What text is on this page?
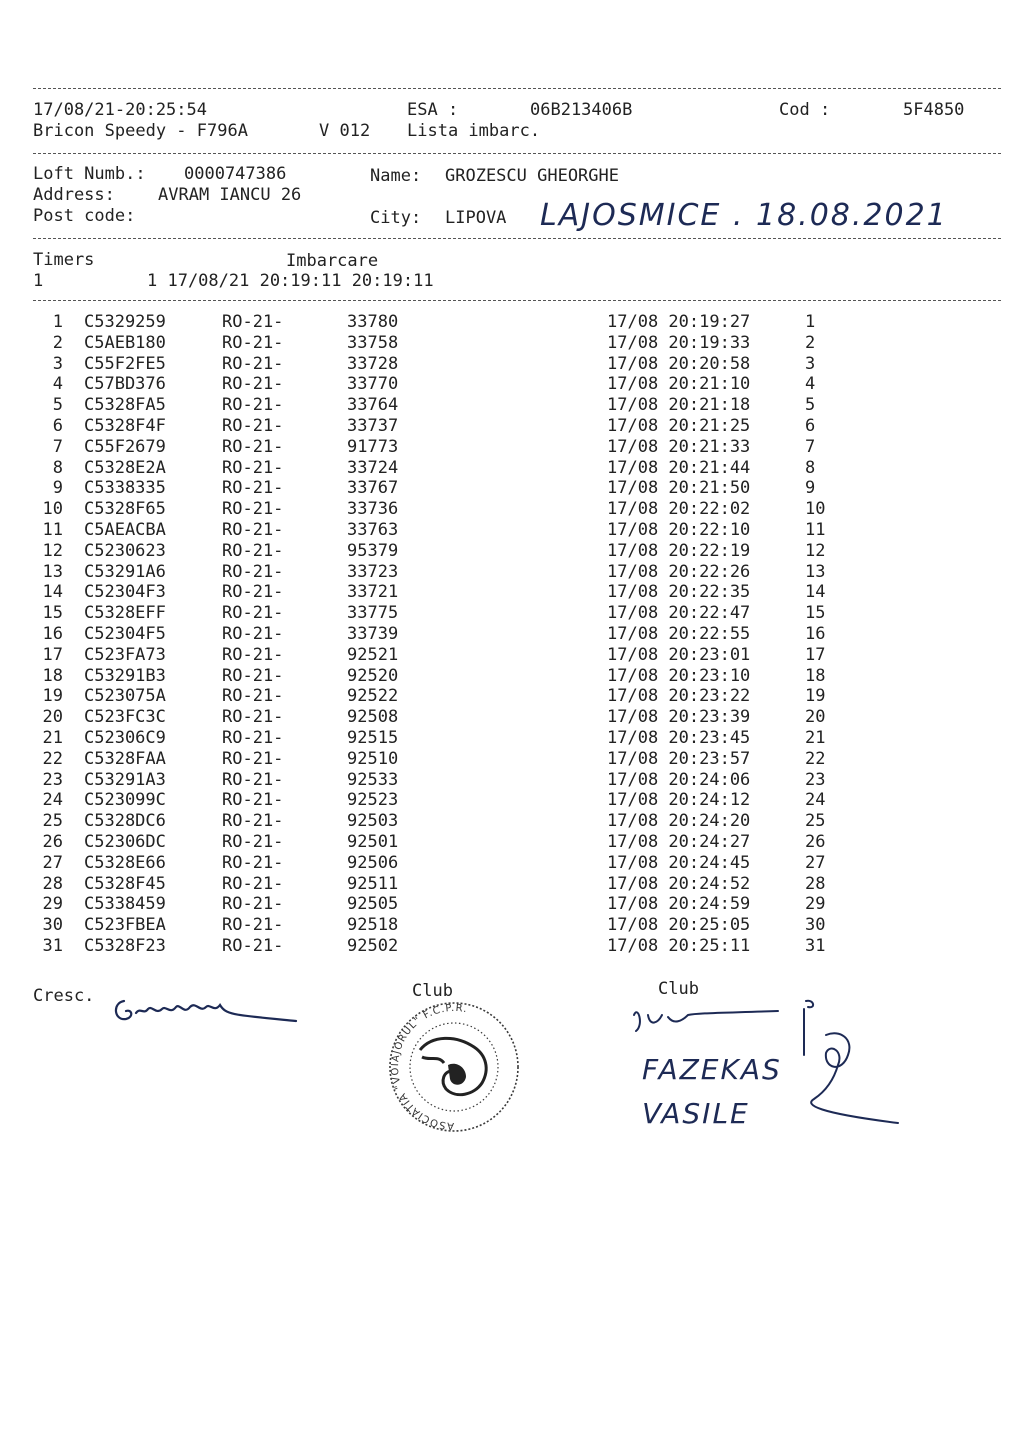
17/08/21-20:25:54	ESA :	06B213406B	Cod :	5F4850
Bricon Speedy - F796A	V 012 Lista imbarc.
Loft Numb.: 0000747386	Name: GROZESCU GHEORGHE
Address:	AVRAM IANCU 26
Post code:	City: LIPOVA LAJOSMICE . 18.08.2021
Timers	Imbarcare
1	1 17/08/21 20:19:11 20:19:11
1 C5329259	RO-21-	33780	17/08 20:19:27	1
2 C5AEB180	RO-21-	33758	17/08 20:19:33	2
3 C55F2FE5	RO-21-	33728	17/08 20:20:58	3
4 C57BD376	RO-21-	33770	17/08 20:21:10	4
5 C5328FA5	RO-21-	33764	17/08 20:21:18	5
6 C5328F4F	RO-21-	33737	17/08 20:21:25	6
7 C55F2679	RO-21-	91773	17/08 20:21:33	7
8 C5328E2A	RO-21-	33724	17/08 20:21:44	8
9 C5338335	RO-21-	33767	17/08 20:21:50	9
10 C5328F65	RO-21-	33736	17/08 20:22:02	10
11 C5AEACBA	RO-21-	33763	17/08 20:22:10	11
12 C5230623	RO-21-	95379	17/08 20:22:19	12
13 C53291A6	RO-21-	33723	17/08 20:22:26	13
14 C52304F3	RO-21-	33721	17/08 20:22:35	14
15 C5328EFF	RO-21-	33775	17/08 20:22:47	15
16 C52304F5	RO-21-	33739	17/08 20:22:55	16
17 C523FA73	RO-21-	92521	17/08 20:23:01	17
18 C53291B3	RO-21-	92520	17/08 20:23:10	18
19 C523075A	RO-21-	92522	17/08 20:23:22	19
20 C523FC3C	RO-21-	92508	17/08 20:23:39	20
21 C52306C9	RO-21-	92515	17/08 20:23:45	21
22 C5328FAA	RO-21-	92510	17/08 20:23:57	22
23 C53291A3	RO-21-	92533	17/08 20:24:06	23
24 C523099C	RO-21-	92523	17/08 20:24:12	24
25 C5328DC6	RO-21-	92503	17/08 20:24:20	25
26 C52306DC	RO-21-	92501	17/08 20:24:27	26
27 C5328E66	RO-21-	92506	17/08 20:24:45	27
28 C5328F45	RO-21-	92511	17/08 20:24:52	28
29 C5338459	RO-21-	92505	17/08 20:24:59	29
30 C523FBEA	RO-21-	92518	17/08 20:25:05	30
31 C5328F23	RO-21-	92502	17/08 20:25:11	31
Cresc.	Club	Club
ASOCIATIA "VOIAJORUL" F.C.P.R.
FAZEKAS VASILE
